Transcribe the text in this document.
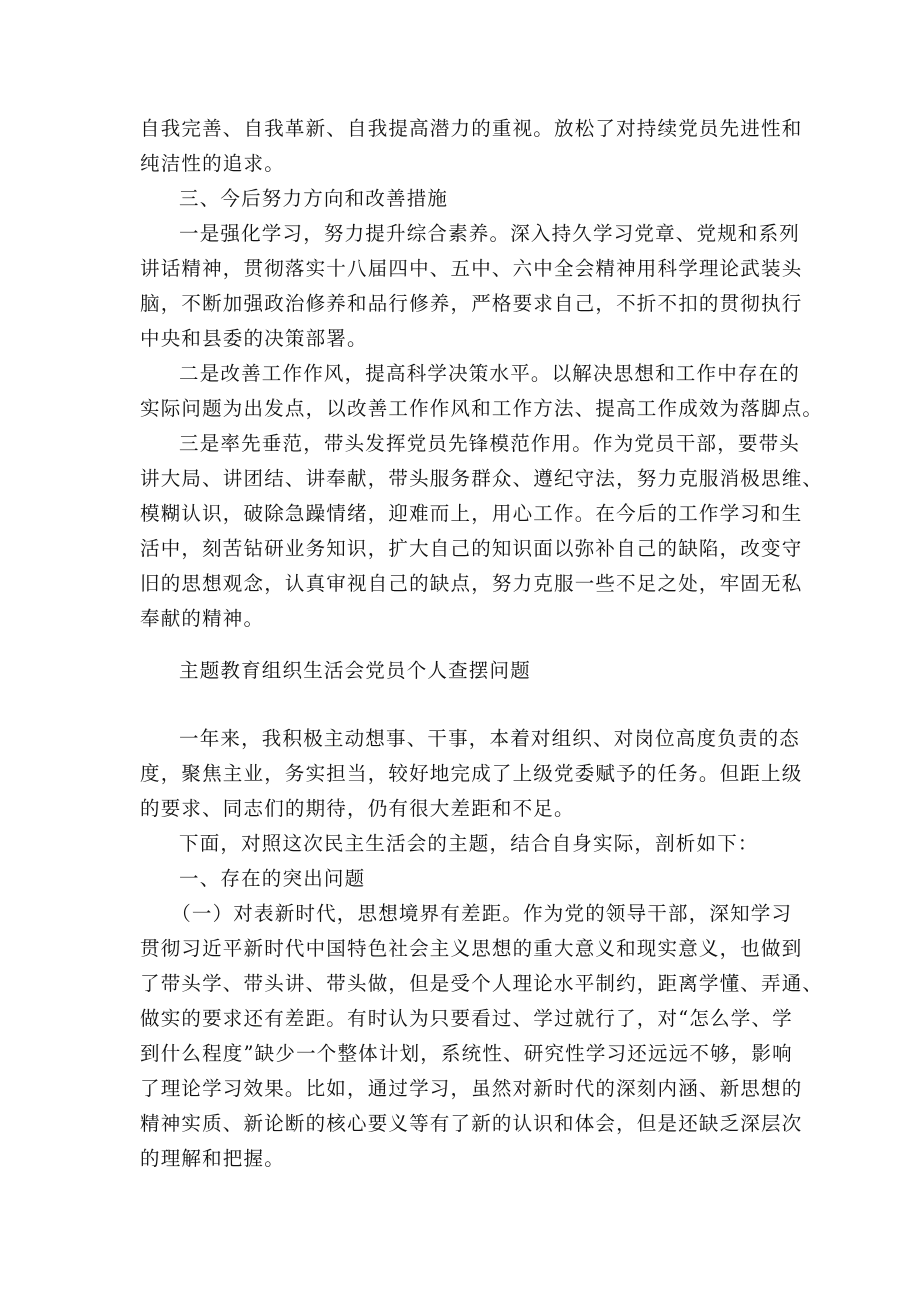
自我完善、自我革新、自我提高潜力的重视。放松了对持续党员先进性和
纯洁性的追求。

三、今后努力方向和改善措施

一是强化学习，努力提升综合素养。深入持久学习党章、党规和系列
讲话精神，贯彻落实十八届四中、五中、六中全会精神用科学理论武装头
脑，不断加强政治修养和品行修养，严格要求自己，不折不扣的贯彻执行
中央和县委的决策部署。

二是改善工作作风，提高科学决策水平。以解决思想和工作中存在的
实际问题为出发点，以改善工作作风和工作方法、提高工作成效为落脚点。

三是率先垂范，带头发挥党员先锋模范作用。作为党员干部，要带头
讲大局、讲团结、讲奉献，带头服务群众、遵纪守法，努力克服消极思维、
模糊认识，破除急躁情绪，迎难而上，用心工作。在今后的工作学习和生
活中，刻苦钻研业务知识，扩大自己的知识面以弥补自己的缺陷，改变守
旧的思想观念，认真审视自己的缺点，努力克服一些不足之处，牢固无私
奉献的精神。

主题教育组织生活会党员个人查摆问题

一年来，我积极主动想事、干事，本着对组织、对岗位高度负责的态
度，聚焦主业，务实担当，较好地完成了上级党委赋予的任务。但距上级
的要求、同志们的期待，仍有很大差距和不足。

下面，对照这次民主生活会的主题，结合自身实际，剖析如下：

一、存在的突出问题

（一）对表新时代，思想境界有差距。作为党的领导干部，深知学习
贯彻习近平新时代中国特色社会主义思想的重大意义和现实意义，也做到
了带头学、带头讲、带头做，但是受个人理论水平制约，距离学懂、弄通、
做实的要求还有差距。有时认为只要看过、学过就行了，对“怎么学、学
到什么程度”缺少一个整体计划，系统性、研究性学习还远远不够，影响
了理论学习效果。比如，通过学习，虽然对新时代的深刻内涵、新思想的
精神实质、新论断的核心要义等有了新的认识和体会，但是还缺乏深层次
的理解和把握。
